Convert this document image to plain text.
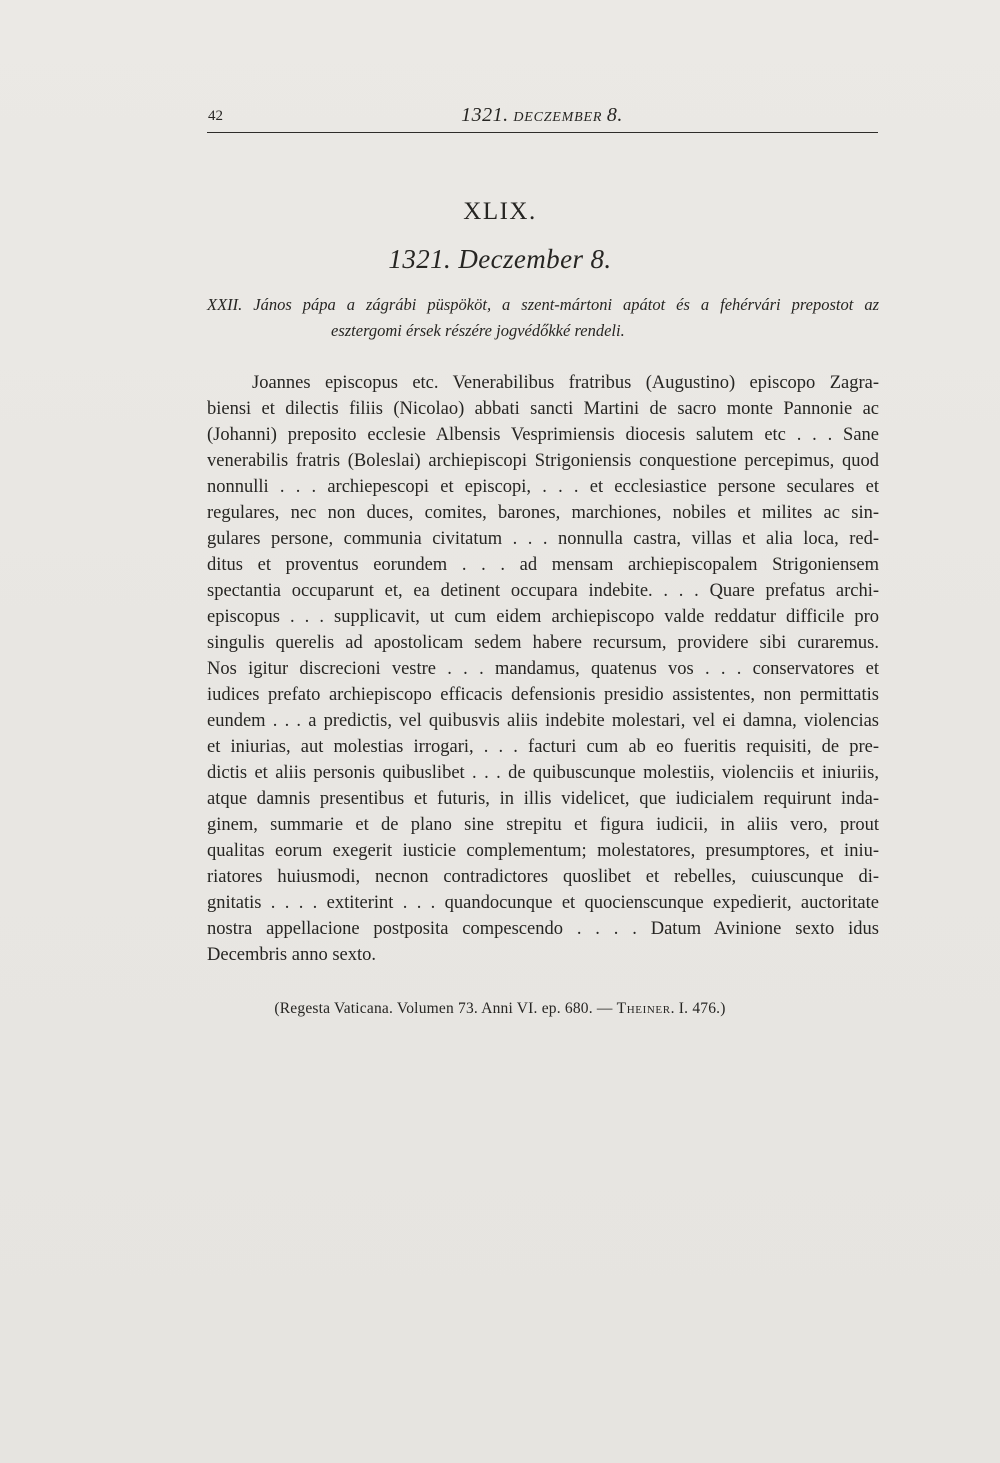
42	1321. DECZEMBER 8.
XLIX.
1321. Deczember 8.
XXII. János pápa a zágrábi püspököt, a szent-mártoni apátot és a fehérvári prepostot az
esztergomi érsek részére jogvédőkké rendeli.
Joannes episcopus etc. Venerabilibus fratribus (Augustino) episcopo Zagra-
biensi et dilectis filiis (Nicolao) abbati sancti Martini de sacro monte Pannonie ac
(Johanni) preposito ecclesie Albensis Vesprimiensis diocesis salutem etc . . . Sane
venerabilis fratris (Boleslai) archiepiscopi Strigoniensis conquestione percepimus, quod
nonnulli . . . archiepescopi et episcopi, . . . et ecclesiastice persone seculares et
regulares, nec non duces, comites, barones, marchiones, nobiles et milites ac sin-
gulares persone, communia civitatum . . . nonnulla castra, villas et alia loca, red-
ditus et proventus eorundem . . . ad mensam archiepiscopalem Strigoniensem
spectantia occuparunt et, ea detinent occupara indebite. . . . Quare prefatus archi-
episcopus . . . supplicavit, ut cum eidem archiepiscopo valde reddatur difficile pro
singulis querelis ad apostolicam sedem habere recursum, providere sibi curaremus.
Nos igitur discrecioni vestre . . . mandamus, quatenus vos . . . conservatores et
iudices prefato archiepiscopo efficacis defensionis presidio assistentes, non permittatis
eundem . . . a predictis, vel quibusvis aliis indebite molestari, vel ei damna, violencias
et iniurias, aut molestias irrogari, . . . facturi cum ab eo fueritis requisiti, de pre-
dictis et aliis personis quibuslibet . . . de quibuscunque molestiis, violenciis et iniuriis,
atque damnis presentibus et futuris, in illis videlicet, que iudicialem requirunt inda-
ginem, summarie et de plano sine strepitu et figura iudicii, in aliis vero, prout
qualitas eorum exegerit iusticie complementum; molestatores, presumptores, et iniu-
riatores huiusmodi, necnon contradictores quoslibet et rebelles, cuiuscunque di-
gnitatis . . . . extiterint . . . quandocunque et quocienscunque expedierit, auctoritate
nostra appellacione postposita compescendo . . . . Datum Avinione sexto idus
Decembris anno sexto.
(Regesta Vaticana. Volumen 73. Anni VI. ep. 680. — Theiner. I. 476.)
